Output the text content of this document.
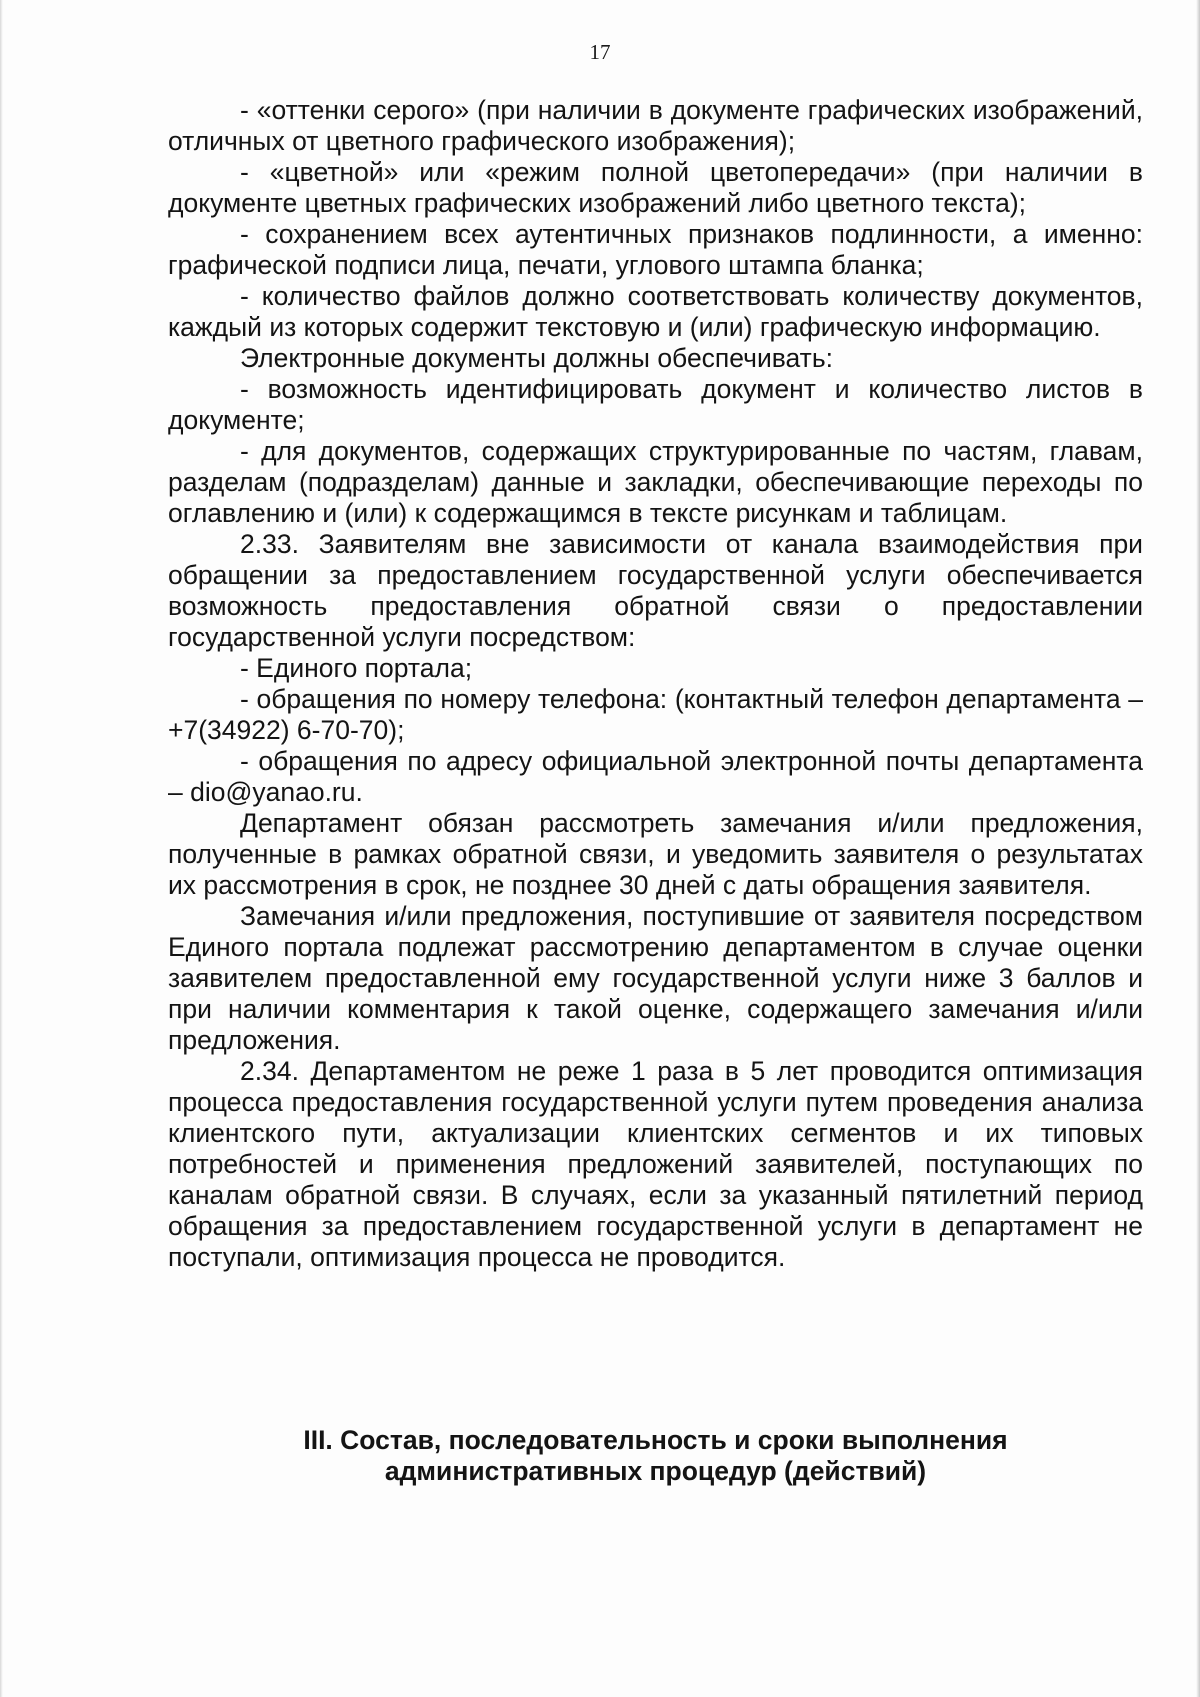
17

- «оттенки серого» (при наличии в документе графических изображений, отличных от цветного графического изображения);

- «цветной» или «режим полной цветопередачи» (при наличии в документе цветных графических изображений либо цветного текста);

- сохранением всех аутентичных признаков подлинности, а именно: графической подписи лица, печати, углового штампа бланка;

- количество файлов должно соответствовать количеству документов, каждый из которых содержит текстовую и (или) графическую информацию.

Электронные документы должны обеспечивать:

- возможность идентифицировать документ и количество листов в документе;

- для документов, содержащих структурированные по частям, главам, разделам (подразделам) данные и закладки, обеспечивающие переходы по оглавлению и (или) к содержащимся в тексте рисункам и таблицам.

2.33. Заявителям вне зависимости от канала взаимодействия при обращении за предоставлением государственной услуги обеспечивается возможность предоставления обратной связи о предоставлении государственной услуги посредством:

- Единого портала;

- обращения по номеру телефона: (контактный телефон департамента – +7(34922) 6-70-70);

- обращения по адресу официальной электронной почты департамента – dio@yanao.ru.

Департамент обязан рассмотреть замечания и/или предложения, полученные в рамках обратной связи, и уведомить заявителя о результатах их рассмотрения в срок, не позднее 30 дней с даты обращения заявителя.

Замечания и/или предложения, поступившие от заявителя посредством Единого портала подлежат рассмотрению департаментом в случае оценки заявителем предоставленной ему государственной услуги ниже 3 баллов и при наличии комментария к такой оценке, содержащего замечания и/или предложения.

2.34. Департаментом не реже 1 раза в 5 лет проводится оптимизация процесса предоставления государственной услуги путем проведения анализа клиентского пути, актуализации клиентских сегментов и их типовых потребностей и применения предложений заявителей, поступающих по каналам обратной связи. В случаях, если за указанный пятилетний период обращения за предоставлением государственной услуги в департамент не поступали, оптимизация процесса не проводится.

III. Состав, последовательность и сроки выполнения
административных процедур (действий)
